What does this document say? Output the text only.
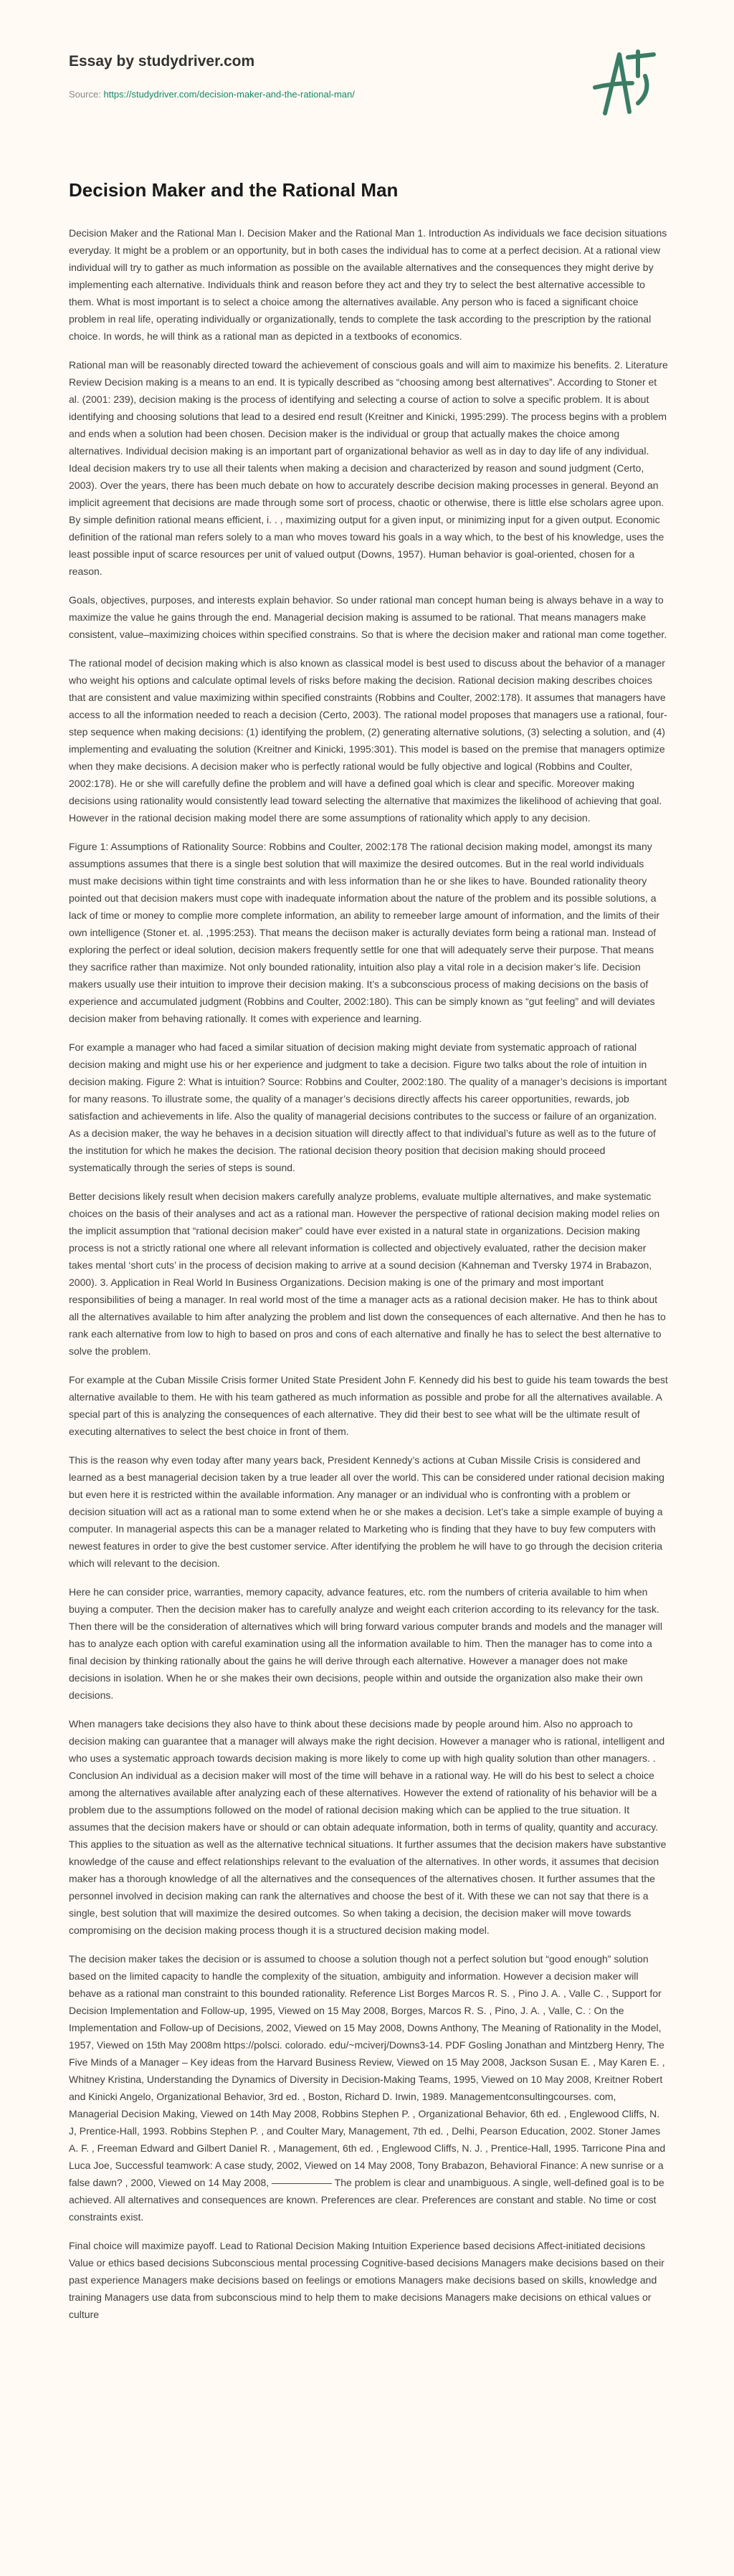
Essay by studydriver.com

Source: https://studydriver.com/decision-maker-and-the-rational-man/
Decision Maker and the Rational Man

Decision Maker and the Rational Man I. Decision Maker and the Rational Man 1. Introduction As individuals we face decision situations everyday. It might be a problem or an opportunity, but in both cases the individual has to come at a perfect decision. At a rational view individual will try to gather as much information as possible on the available alternatives and the consequences they might derive by implementing each alternative. Individuals think and reason before they act and they try to select the best alternative accessible to them. What is most important is to select a choice among the alternatives available. Any person who is faced a significant choice problem in real life, operating individually or organizationally, tends to complete the task according to the prescription by the rational choice. In words, he will think as a rational man as depicted in a textbooks of economics.

Rational man will be reasonably directed toward the achievement of conscious goals and will aim to maximize his benefits. 2. Literature Review Decision making is a means to an end. It is typically described as “choosing among best alternatives”. According to Stoner et al. (2001: 239), decision making is the process of identifying and selecting a course of action to solve a specific problem. It is about identifying and choosing solutions that lead to a desired end result (Kreitner and Kinicki, 1995:299). The process begins with a problem and ends when a solution had been chosen. Decision maker is the individual or group that actually makes the choice among alternatives. Individual decision making is an important part of organizational behavior as well as in day to day life of any individual. Ideal decision makers try to use all their talents when making a decision and characterized by reason and sound judgment (Certo, 2003). Over the years, there has been much debate on how to accurately describe decision making processes in general. Beyond an implicit agreement that decisions are made through some sort of process, chaotic or otherwise, there is little else scholars agree upon. By simple definition rational means efficient, i. . , maximizing output for a given input, or minimizing input for a given output. Economic definition of the rational man refers solely to a man who moves toward his goals in a way which, to the best of his knowledge, uses the least possible input of scarce resources per unit of valued output (Downs, 1957). Human behavior is goal-oriented, chosen for a reason.

Goals, objectives, purposes, and interests explain behavior. So under rational man concept human being is always behave in a way to maximize the value he gains through the end. Managerial decision making is assumed to be rational. That means managers make consistent, value–maximizing choices within specified constrains. So that is where the decision maker and rational man come together.

The rational model of decision making which is also known as classical model is best used to discuss about the behavior of a manager who weight his options and calculate optimal levels of risks before making the decision. Rational decision making describes choices that are consistent and value maximizing within specified constraints (Robbins and Coulter, 2002:178). It assumes that managers have access to all the information needed to reach a decision (Certo, 2003). The rational model proposes that managers use a rational, four-step sequence when making decisions: (1) identifying the problem, (2) generating alternative solutions, (3) selecting a solution, and (4) implementing and evaluating the solution (Kreitner and Kinicki, 1995:301). This model is based on the premise that managers optimize when they make decisions. A decision maker who is perfectly rational would be fully objective and logical (Robbins and Coulter, 2002:178). He or she will carefully define the problem and will have a defined goal which is clear and specific. Moreover making decisions using rationality would consistently lead toward selecting the alternative that maximizes the likelihood of achieving that goal. However in the rational decision making model there are some assumptions of rationality which apply to any decision.

Figure 1: Assumptions of Rationality Source: Robbins and Coulter, 2002:178 The rational decision making model, amongst its many assumptions assumes that there is a single best solution that will maximize the desired outcomes. But in the real world individuals must make decisions within tight time constraints and with less information than he or she likes to have. Bounded rationality theory pointed out that decision makers must cope with inadequate information about the nature of the problem and its possible solutions, a lack of time or money to complie more complete information, an ability to remeeber large amount of information, and the limits of their own intelligence (Stoner et. al. ,1995:253). That means the deciison maker is acturally deviates form being a rational man. Instead of exploring the perfect or ideal solution, decision makers frequently settle for one that will adequately serve their purpose. That means they sacrifice rather than maximize. Not only bounded rationality, intuition also play a vital role in a decision maker’s life. Decision makers usually use their intuition to improve their decision making. It’s a subconscious process of making decisions on the basis of experience and accumulated judgment (Robbins and Coulter, 2002:180). This can be simply known as “gut feeling” and will deviates decision maker from behaving rationally. It comes with experience and learning.

For example a manager who had faced a similar situation of decision making might deviate from systematic approach of rational decision making and might use his or her experience and judgment to take a decision. Figure two talks about the role of intuition in decision making. Figure 2: What is intuition? Source: Robbins and Coulter, 2002:180. The quality of a manager’s decisions is important for many reasons. To illustrate some, the quality of a manager’s decisions directly affects his career opportunities, rewards, job satisfaction and achievements in life. Also the quality of managerial decisions contributes to the success or failure of an organization. As a decision maker, the way he behaves in a decision situation will directly affect to that individual’s future as well as to the future of the institution for which he makes the decision. The rational decision theory position that decision making should proceed systematically through the series of steps is sound.

Better decisions likely result when decision makers carefully analyze problems, evaluate multiple alternatives, and make systematic choices on the basis of their analyses and act as a rational man. However the perspective of rational decision making model relies on the implicit assumption that “rational decision maker” could have ever existed in a natural state in organizations. Decision making process is not a strictly rational one where all relevant information is collected and objectively evaluated, rather the decision maker takes mental ‘short cuts’ in the process of decision making to arrive at a sound decision (Kahneman and Tversky 1974 in Brabazon, 2000). 3. Application in Real World In Business Organizations. Decision making is one of the primary and most important responsibilities of being a manager. In real world most of the time a manager acts as a rational decision maker. He has to think about all the alternatives available to him after analyzing the problem and list down the consequences of each alternative. And then he has to rank each alternative from low to high to based on pros and cons of each alternative and finally he has to select the best alternative to solve the problem.

For example at the Cuban Missile Crisis former United State President John F. Kennedy did his best to guide his team towards the best alternative available to them. He with his team gathered as much information as possible and probe for all the alternatives available. A special part of this is analyzing the consequences of each alternative. They did their best to see what will be the ultimate result of executing alternatives to select the best choice in front of them.

This is the reason why even today after many years back, President Kennedy’s actions at Cuban Missile Crisis is considered and learned as a best managerial decision taken by a true leader all over the world. This can be considered under rational decision making but even here it is restricted within the available information. Any manager or an individual who is confronting with a problem or decision situation will act as a rational man to some extend when he or she makes a decision. Let’s take a simple example of buying a computer. In managerial aspects this can be a manager related to Marketing who is finding that they have to buy few computers with newest features in order to give the best customer service. After identifying the problem he will have to go through the decision criteria which will relevant to the decision.

Here he can consider price, warranties, memory capacity, advance features, etc. rom the numbers of criteria available to him when buying a computer. Then the decision maker has to carefully analyze and weight each criterion according to its relevancy for the task. Then there will be the consideration of alternatives which will bring forward various computer brands and models and the manager will has to analyze each option with careful examination using all the information available to him. Then the manager has to come into a final decision by thinking rationally about the gains he will derive through each alternative. However a manager does not make decisions in isolation. When he or she makes their own decisions, people within and outside the organization also make their own decisions.

When managers take decisions they also have to think about these decisions made by people around him. Also no approach to decision making can guarantee that a manager will always make the right decision. However a manager who is rational, intelligent and who uses a systematic approach towards decision making is more likely to come up with high quality solution than other managers. . Conclusion An individual as a decision maker will most of the time will behave in a rational way. He will do his best to select a choice among the alternatives available after analyzing each of these alternatives. However the extend of rationality of his behavior will be a problem due to the assumptions followed on the model of rational decision making which can be applied to the true situation. It assumes that the decision makers have or should or can obtain adequate information, both in terms of quality, quantity and accuracy. This applies to the situation as well as the alternative technical situations. It further assumes that the decision makers have substantive knowledge of the cause and effect relationships relevant to the evaluation of the alternatives. In other words, it assumes that decision maker has a thorough knowledge of all the alternatives and the consequences of the alternatives chosen. It further assumes that the personnel involved in decision making can rank the alternatives and choose the best of it. With these we can not say that there is a single, best solution that will maximize the desired outcomes. So when taking a decision, the decision maker will move towards compromising on the decision making process though it is a structured decision making model.

The decision maker takes the decision or is assumed to choose a solution though not a perfect solution but “good enough” solution based on the limited capacity to handle the complexity of the situation, ambiguity and information. However a decision maker will behave as a rational man constraint to this bounded rationality. Reference List Borges Marcos R. S. , Pino J. A. , Valle C. , Support for Decision Implementation and Follow-up, 1995, Viewed on 15 May 2008, Borges, Marcos R. S. , Pino, J. A. , Valle, C. : On the Implementation and Follow-up of Decisions, 2002, Viewed on 15 May 2008, Downs Anthony, The Meaning of Rationality in the Model, 1957, Viewed on 15th May 2008m https://polsci. colorado. edu/~mciverj/Downs3-14. PDF Gosling Jonathan and Mintzberg Henry, The Five Minds of a Manager – Key ideas from the Harvard Business Review, Viewed on 15 May 2008, Jackson Susan E. , May Karen E. , Whitney Kristina, Understanding the Dynamics of Diversity in Decision-Making Teams, 1995, Viewed on 10 May 2008, Kreitner Robert and Kinicki Angelo, Organizational Behavior, 3rd ed. , Boston, Richard D. Irwin, 1989. Managementconsultingcourses. com, Managerial Decision Making, Viewed on 14th May 2008, Robbins Stephen P. , Organizational Behavior, 6th ed. , Englewood Cliffs, N. J, Prentice-Hall, 1993. Robbins Stephen P. , and Coulter Mary, Management, 7th ed. , Delhi, Pearson Education, 2002. Stoner James A. F. , Freeman Edward and Gilbert Daniel R. , Management, 6th ed. , Englewood Cliffs, N. J. , Prentice-Hall, 1995. Tarricone Pina and Luca Joe, Successful teamwork: A case study, 2002, Viewed on 14 May 2008, Tony Brabazon, Behavioral Finance: A new sunrise or a false dawn? , 2000, Viewed on 14 May 2008, —————— The problem is clear and unambiguous. A single, well-defined goal is to be achieved. All alternatives and consequences are known. Preferences are clear. Preferences are constant and stable. No time or cost constraints exist.

Final choice will maximize payoff. Lead to Rational Decision Making Intuition Experience based decisions Affect-initiated decisions Value or ethics based decisions Subconscious mental processing Cognitive-based decisions Managers make decisions based on their past experience Managers make decisions based on feelings or emotions Managers make decisions based on skills, knowledge and training Managers use data from subconscious mind to help them to make decisions Managers make decisions on ethical values or culture
